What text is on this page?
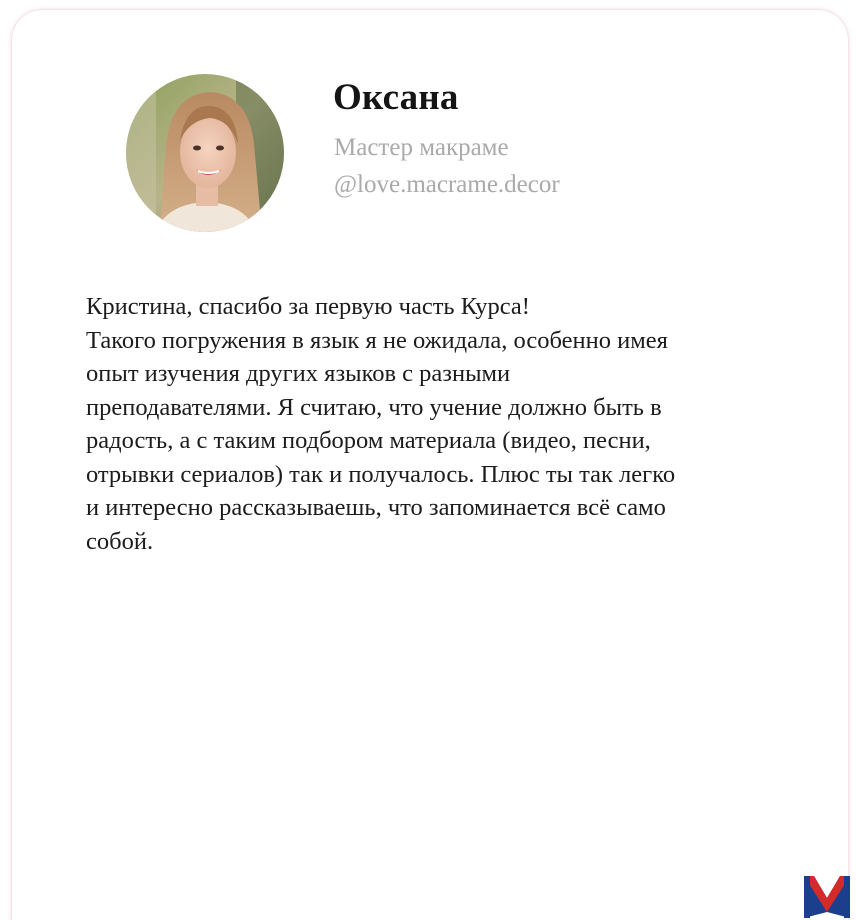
Оксана
Мастер макраме
@love.macrame.decor

Кристина, спасибо за первую часть Курса!
Такого погружения в язык я не ожидала, особенно имея
опыт изучения других языков с разными
преподавателями. Я считаю, что учение должно быть в
радость, а с таким подбором материала (видео, песни,
отрывки сериалов) так и получалось. Плюс ты так легко
и интересно рассказываешь, что запоминается всё само
собой.
